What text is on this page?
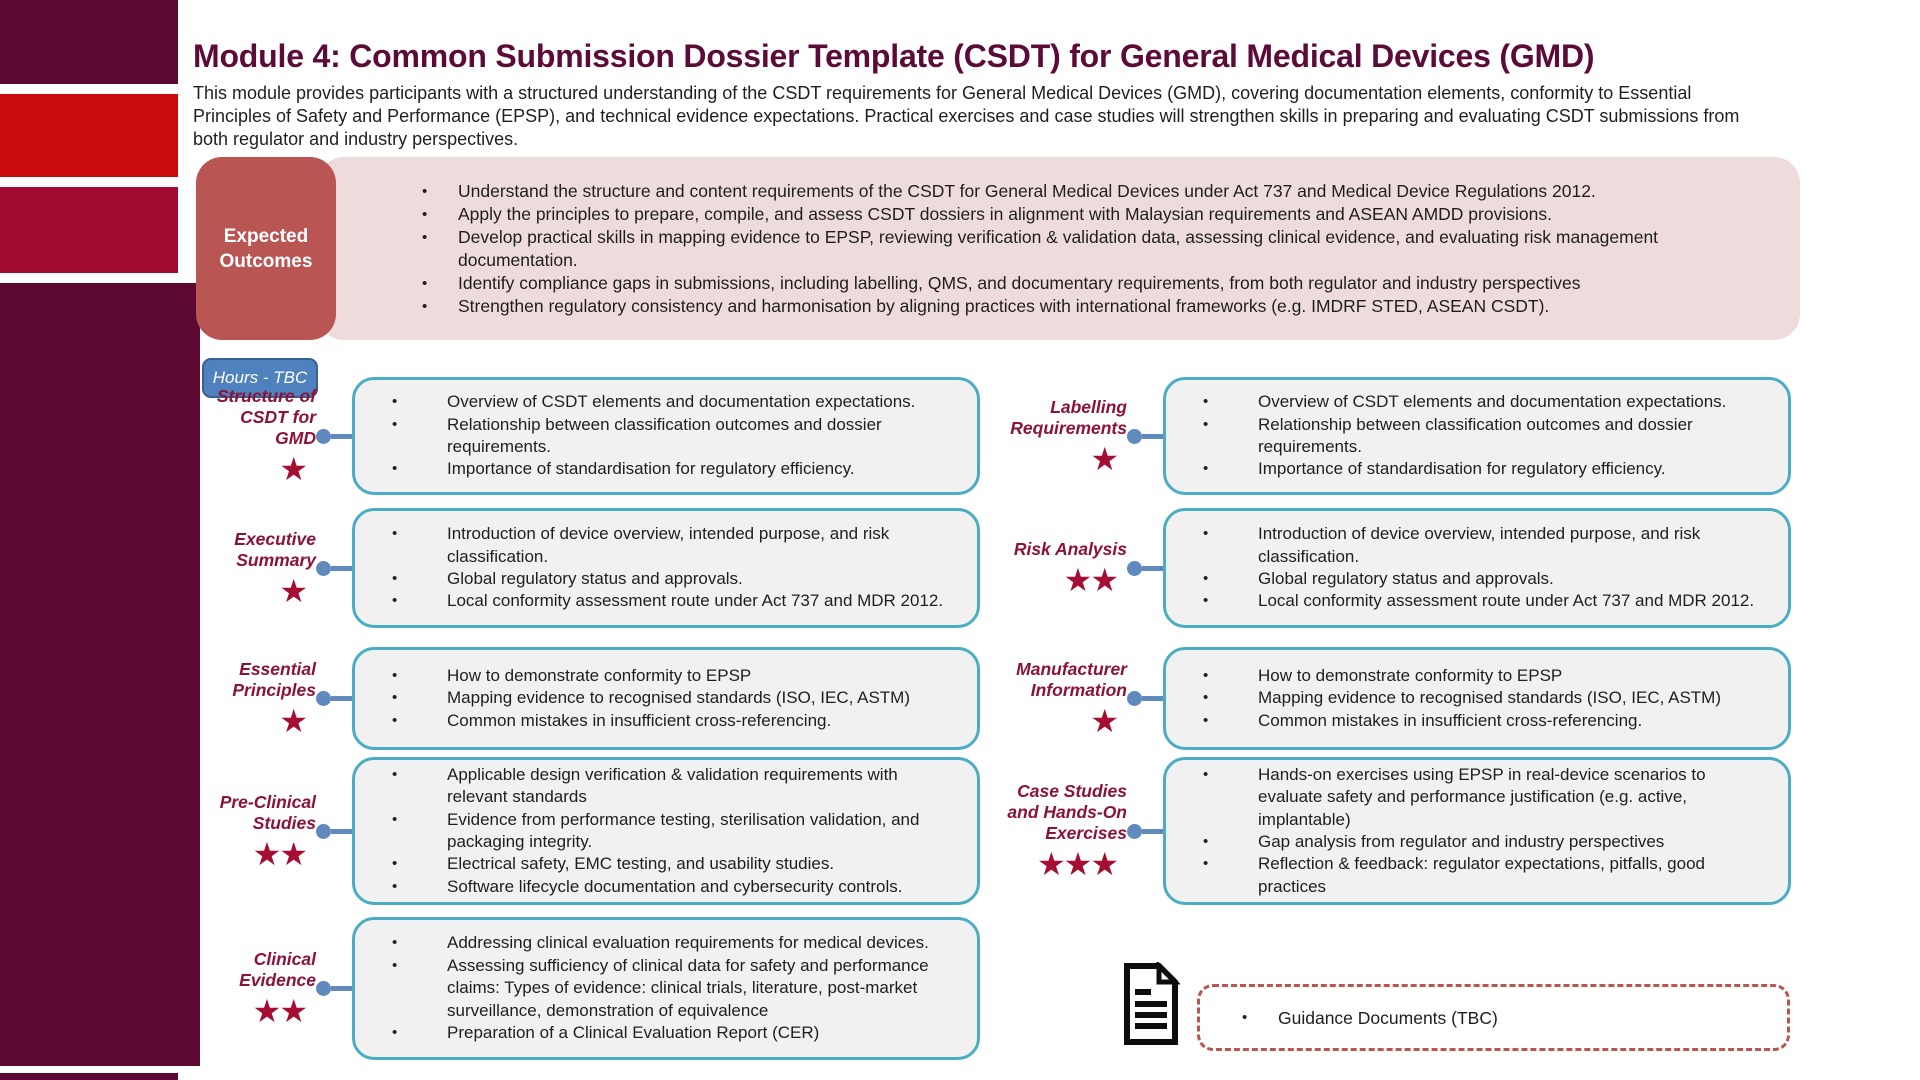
Module 4: Common Submission Dossier Template (CSDT) for General Medical Devices (GMD)

This module provides participants with a structured understanding of the CSDT requirements for General Medical Devices (GMD), covering documentation elements, conformity to Essential Principles of Safety and Performance (EPSP), and technical evidence expectations. Practical exercises and case studies will strengthen skills in preparing and evaluating CSDT submissions from both regulator and industry perspectives.

Expected Outcomes
•	Understand the structure and content requirements of the CSDT for General Medical Devices under Act 737 and Medical Device Regulations 2012.
•	Apply the principles to prepare, compile, and assess CSDT dossiers in alignment with Malaysian requirements and ASEAN AMDD provisions.
•	Develop practical skills in mapping evidence to EPSP, reviewing verification & validation data, assessing clinical evidence, and evaluating risk management documentation.
•	Identify compliance gaps in submissions, including labelling, QMS, and documentary requirements, from both regulator and industry perspectives
•	Strengthen regulatory consistency and harmonisation by aligning practices with international frameworks (e.g. IMDRF STED, ASEAN CSDT).
Hours - TBC
Structure of CSDT for GMD
★
•	Overview of CSDT elements and documentation expectations.
•	Relationship between classification outcomes and dossier requirements.
•	Importance of standardisation for regulatory efficiency.
Executive Summary
★
•	Introduction of device overview, intended purpose, and risk classification.
•	Global regulatory status and approvals.
•	Local conformity assessment route under Act 737 and MDR 2012.
Essential Principles
★
•	How to demonstrate conformity to EPSP
•	Mapping evidence to recognised standards (ISO, IEC, ASTM)
•	Common mistakes in insufficient cross-referencing.
Pre-Clinical Studies
★★
•	Applicable design verification & validation requirements with relevant standards
•	Evidence from performance testing, sterilisation validation, and packaging integrity.
•	Electrical safety, EMC testing, and usability studies.
•	Software lifecycle documentation and cybersecurity controls.
Clinical Evidence
★★
•	Addressing clinical evaluation requirements for medical devices.
•	Assessing sufficiency of clinical data for safety and performance claims: Types of evidence: clinical trials, literature, post-market surveillance, demonstration of equivalence
•	Preparation of a Clinical Evaluation Report (CER)
Labelling Requirements
★
•	Overview of CSDT elements and documentation expectations.
•	Relationship between classification outcomes and dossier requirements.
•	Importance of standardisation for regulatory efficiency.
Risk Analysis
★★
•	Introduction of device overview, intended purpose, and risk classification.
•	Global regulatory status and approvals.
•	Local conformity assessment route under Act 737 and MDR 2012.
Manufacturer Information
★
•	How to demonstrate conformity to EPSP
•	Mapping evidence to recognised standards (ISO, IEC, ASTM)
•	Common mistakes in insufficient cross-referencing.
Case Studies and Hands-On Exercises
★★★
•	Hands-on exercises using EPSP in real-device scenarios to evaluate safety and performance justification (e.g. active, implantable)
•	Gap analysis from regulator and industry perspectives
•	Reflection & feedback: regulator expectations, pitfalls, good practices
•	Guidance Documents (TBC)
